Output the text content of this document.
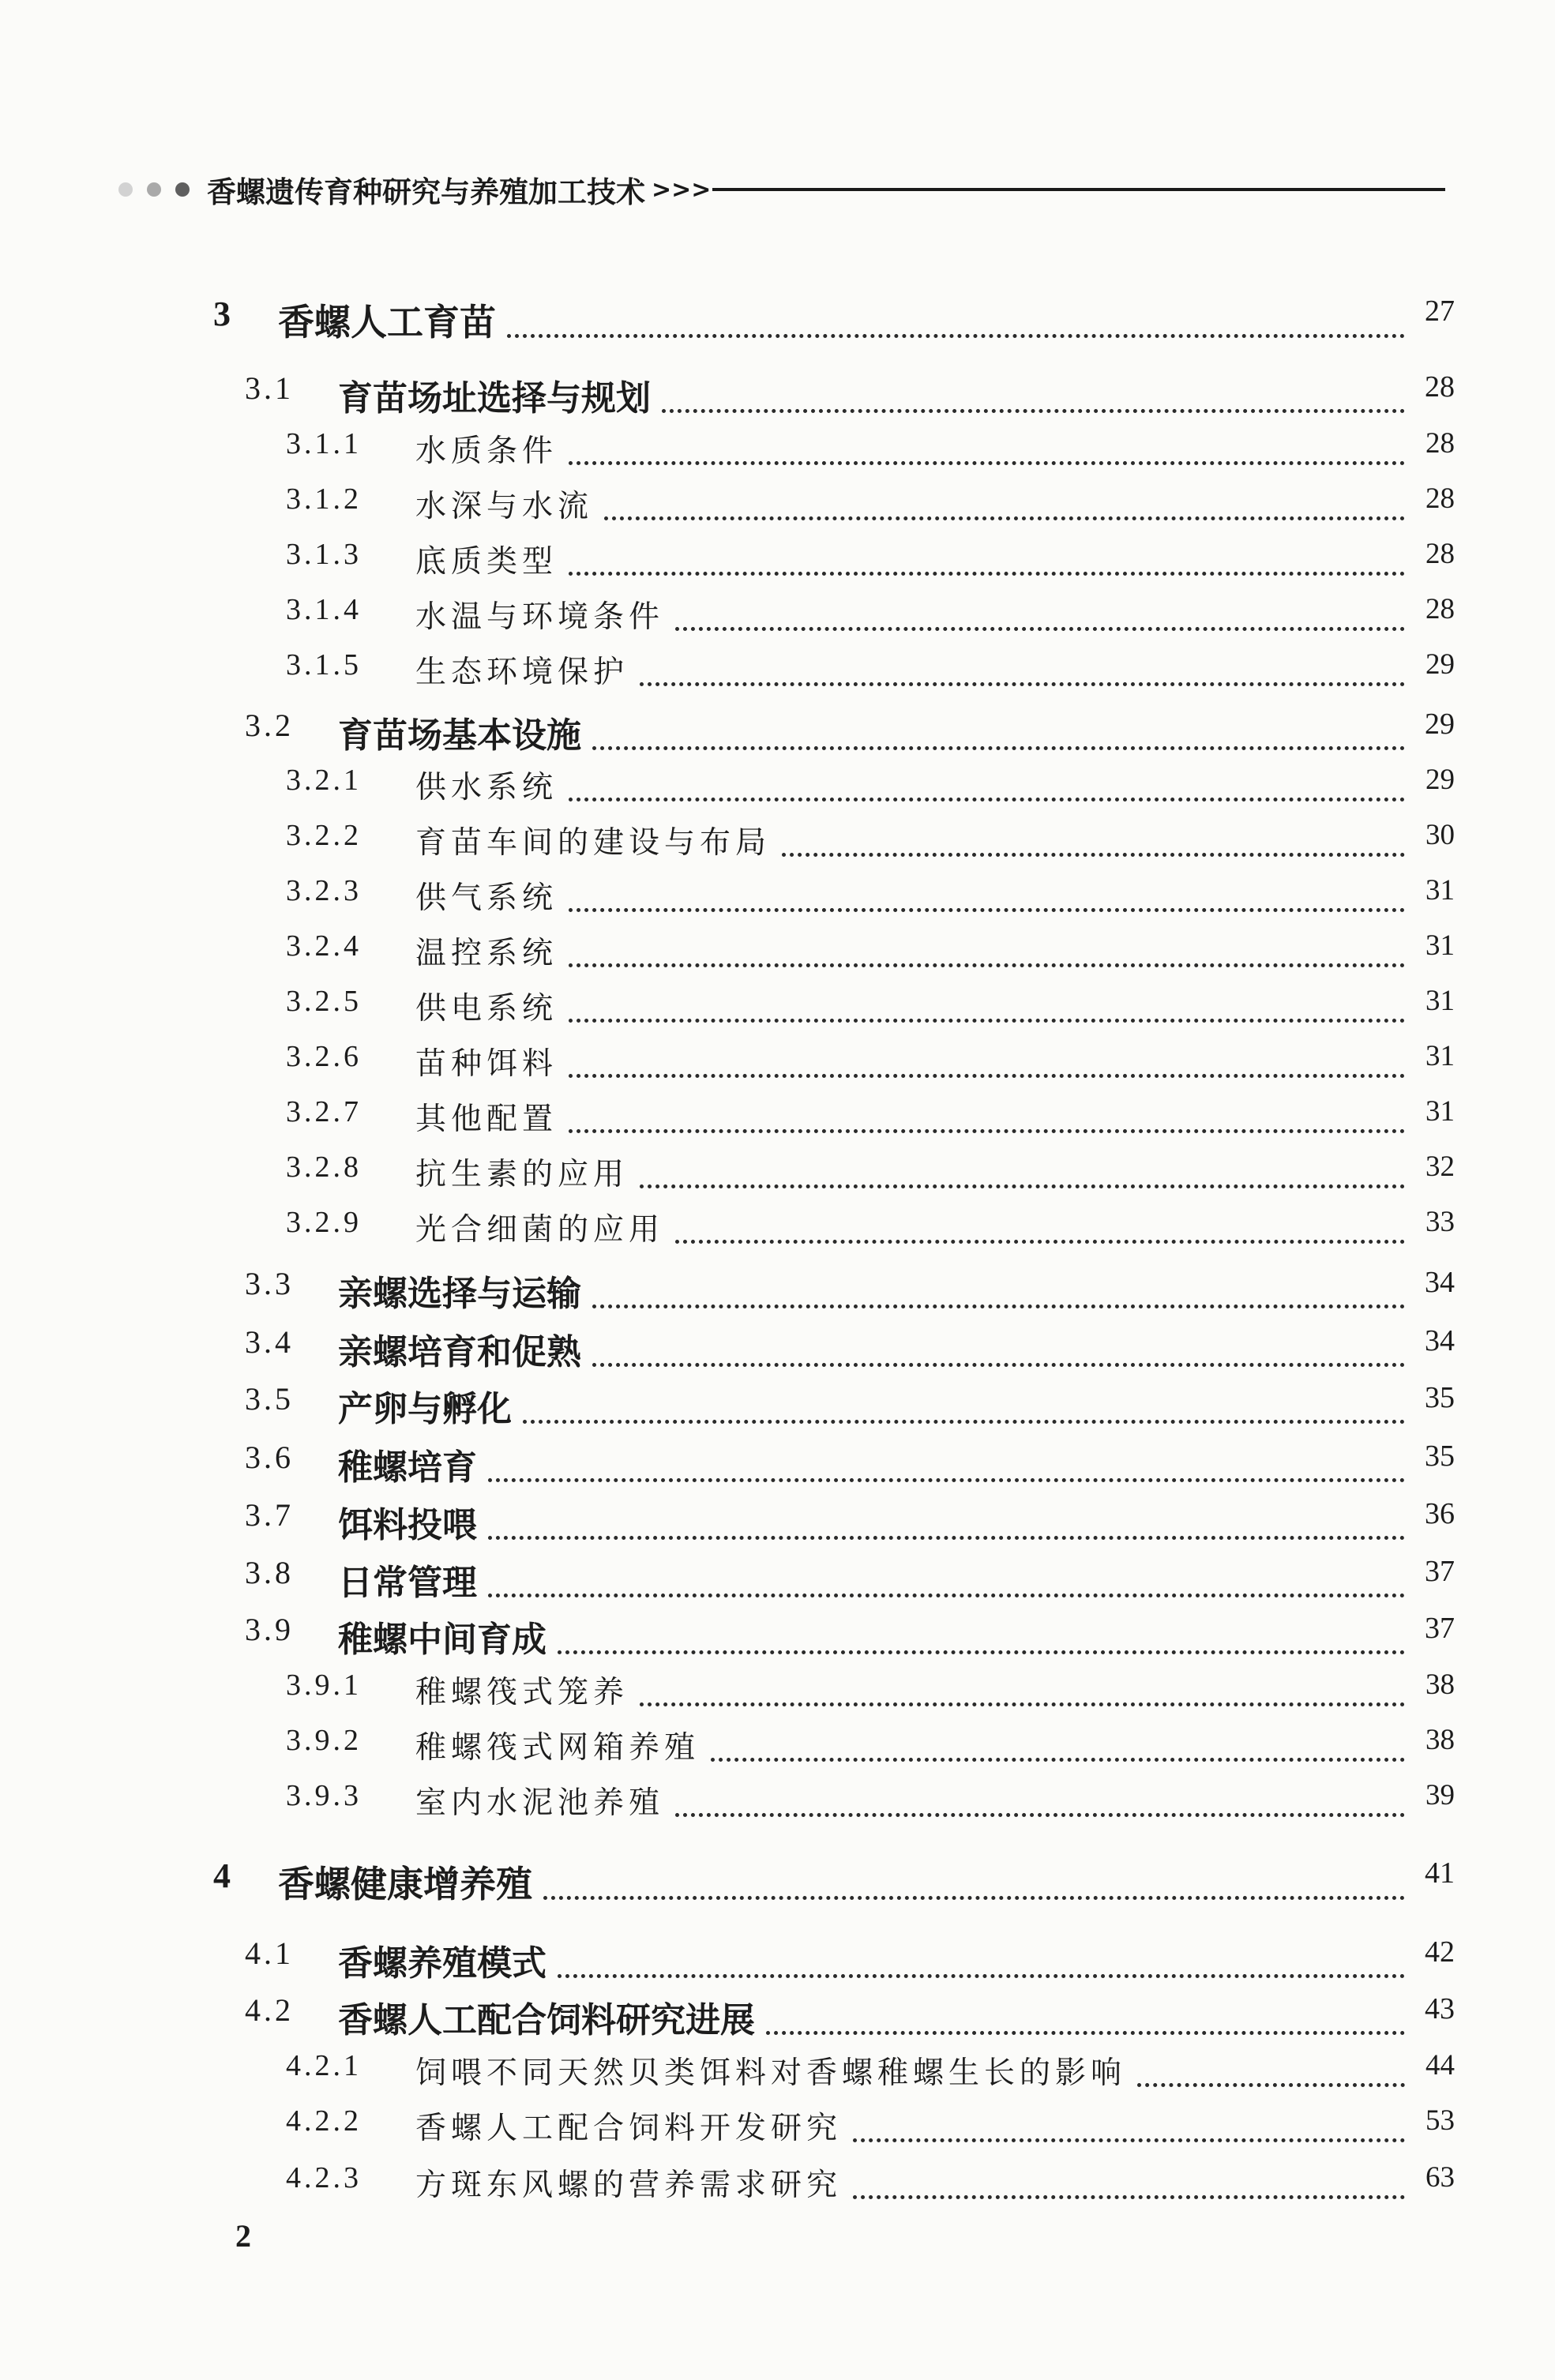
香螺遗传育种研究与养殖加工技术 >>>
3 香螺人工育苗	27
3.1 育苗场址选择与规划	28
3.1.1 水质条件	28
3.1.2 水深与水流	28
3.1.3 底质类型	28
3.1.4 水温与环境条件	28
3.1.5 生态环境保护	29
3.2 育苗场基本设施	29
3.2.1 供水系统	29
3.2.2 育苗车间的建设与布局	30
3.2.3 供气系统	31
3.2.4 温控系统	31
3.2.5 供电系统	31
3.2.6 苗种饵料	31
3.2.7 其他配置	31
3.2.8 抗生素的应用	32
3.2.9 光合细菌的应用	33
3.3 亲螺选择与运输	34
3.4 亲螺培育和促熟	34
3.5 产卵与孵化	35
3.6 稚螺培育	35
3.7 饵料投喂	36
3.8 日常管理	37
3.9 稚螺中间育成	37
3.9.1 稚螺筏式笼养	38
3.9.2 稚螺筏式网箱养殖	38
3.9.3 室内水泥池养殖	39
4 香螺健康增养殖	41
4.1 香螺养殖模式	42
4.2 香螺人工配合饲料研究进展	43
4.2.1 饲喂不同天然贝类饵料对香螺稚螺生长的影响	44
4.2.2 香螺人工配合饲料开发研究	53
4.2.3 方斑东风螺的营养需求研究	63
2
